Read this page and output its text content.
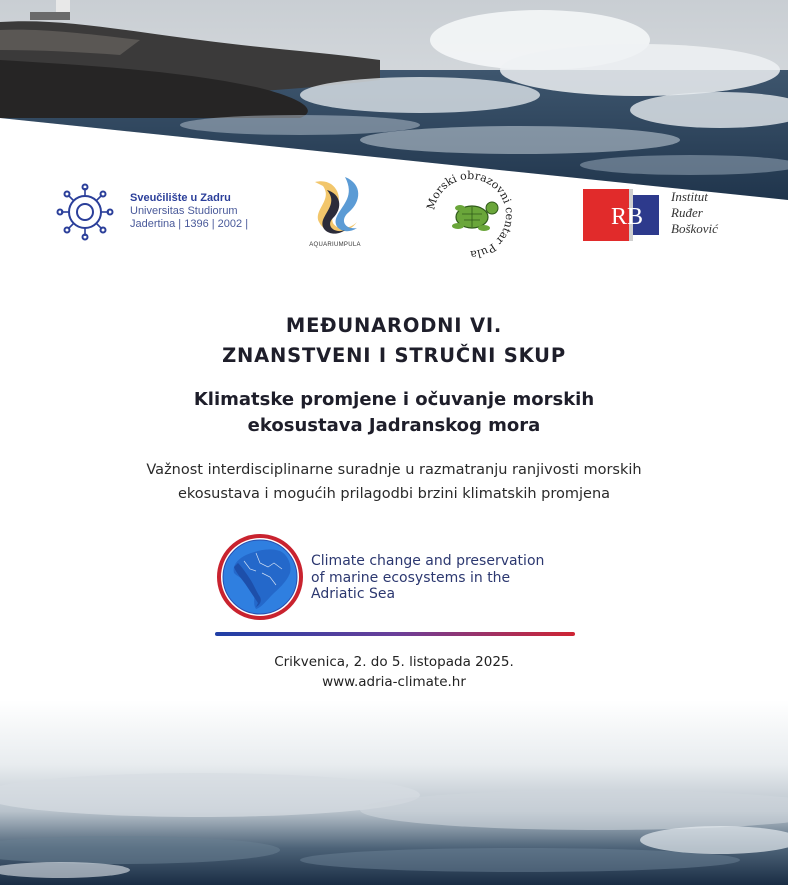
Sveučilište u Zadru
Universitas Studiorum
Jadertina | 1396 | 2002 |
AQUARIUMPULA
Morski obrazovni centar Pula
RB
Institut
Ruđer
Bošković
MEĐUNARODNI VI.
ZNANSTVENI I STRUČNI SKUP
Klimatske promjene i očuvanje morskih
ekosustava Jadranskog mora
Važnost interdisciplinarne suradnje u razmatranju ranjivosti morskih
ekosustava i mogućih prilagodbi brzini klimatskih promjena
Climate change and preservation
of marine ecosystems in the
Adriatic Sea
Crikvenica, 2. do 5. listopada 2025.
www.adria-climate.hr
